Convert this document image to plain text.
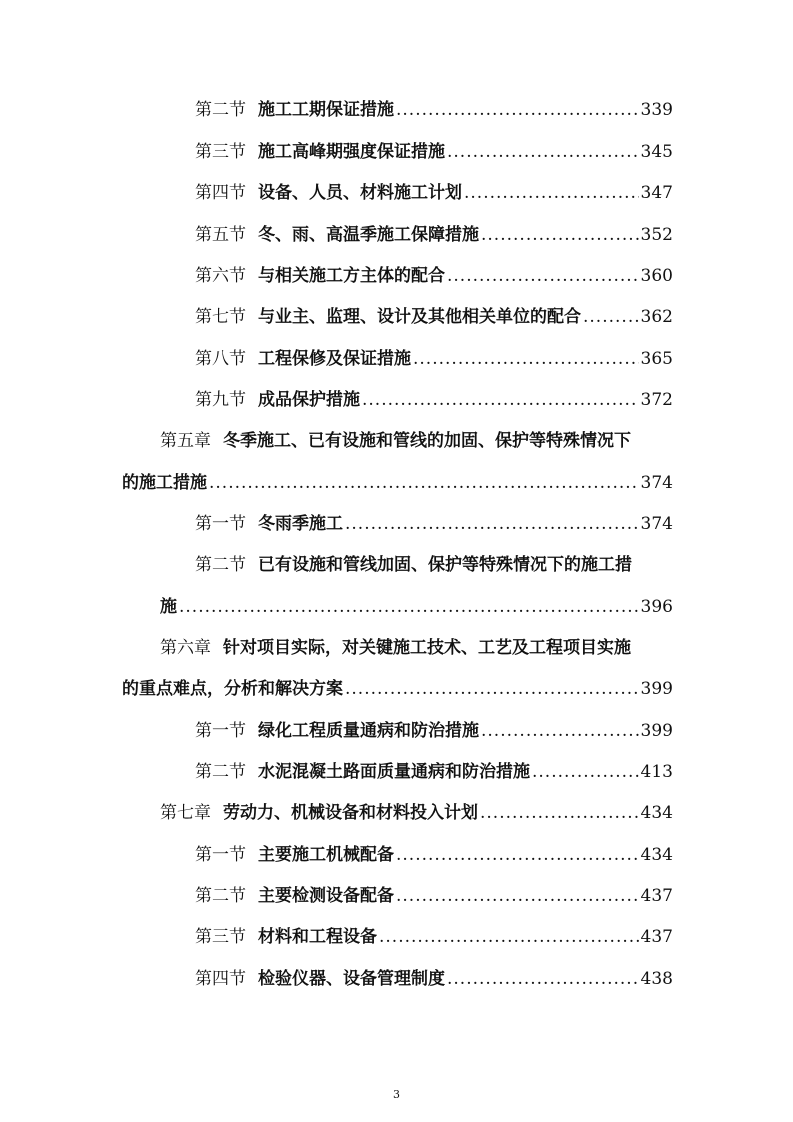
第二节 施工工期保证措施 .....	339
第三节 施工高峰期强度保证措施 .....	345
第四节 设备、人员、材料施工计划 .....	347
第五节 冬、雨、高温季施工保障措施 .....	352
第六节 与相关施工方主体的配合 .....	360
第七节 与业主、监理、设计及其他相关单位的配合 .....	362
第八节 工程保修及保证措施 .....	365
第九节 成品保护措施 .....	372
第五章 冬季施工、已有设施和管线的加固、保护等特殊情况下
的施工措施 .....	374
第一节 冬雨季施工 .....	374
第二节 已有设施和管线加固、保护等特殊情况下的施工措
施 .....	396
第六章 针对项目实际，对关键施工技术、工艺及工程项目实施
的重点难点，分析和解决方案 .....	399
第一节 绿化工程质量通病和防治措施 .....	399
第二节 水泥混凝土路面质量通病和防治措施 .....	413
第七章 劳动力、机械设备和材料投入计划 .....	434
第一节 主要施工机械配备 .....	434
第二节 主要检测设备配备 .....	437
第三节 材料和工程设备 .....	437
第四节 检验仪器、设备管理制度 .....	438
3
